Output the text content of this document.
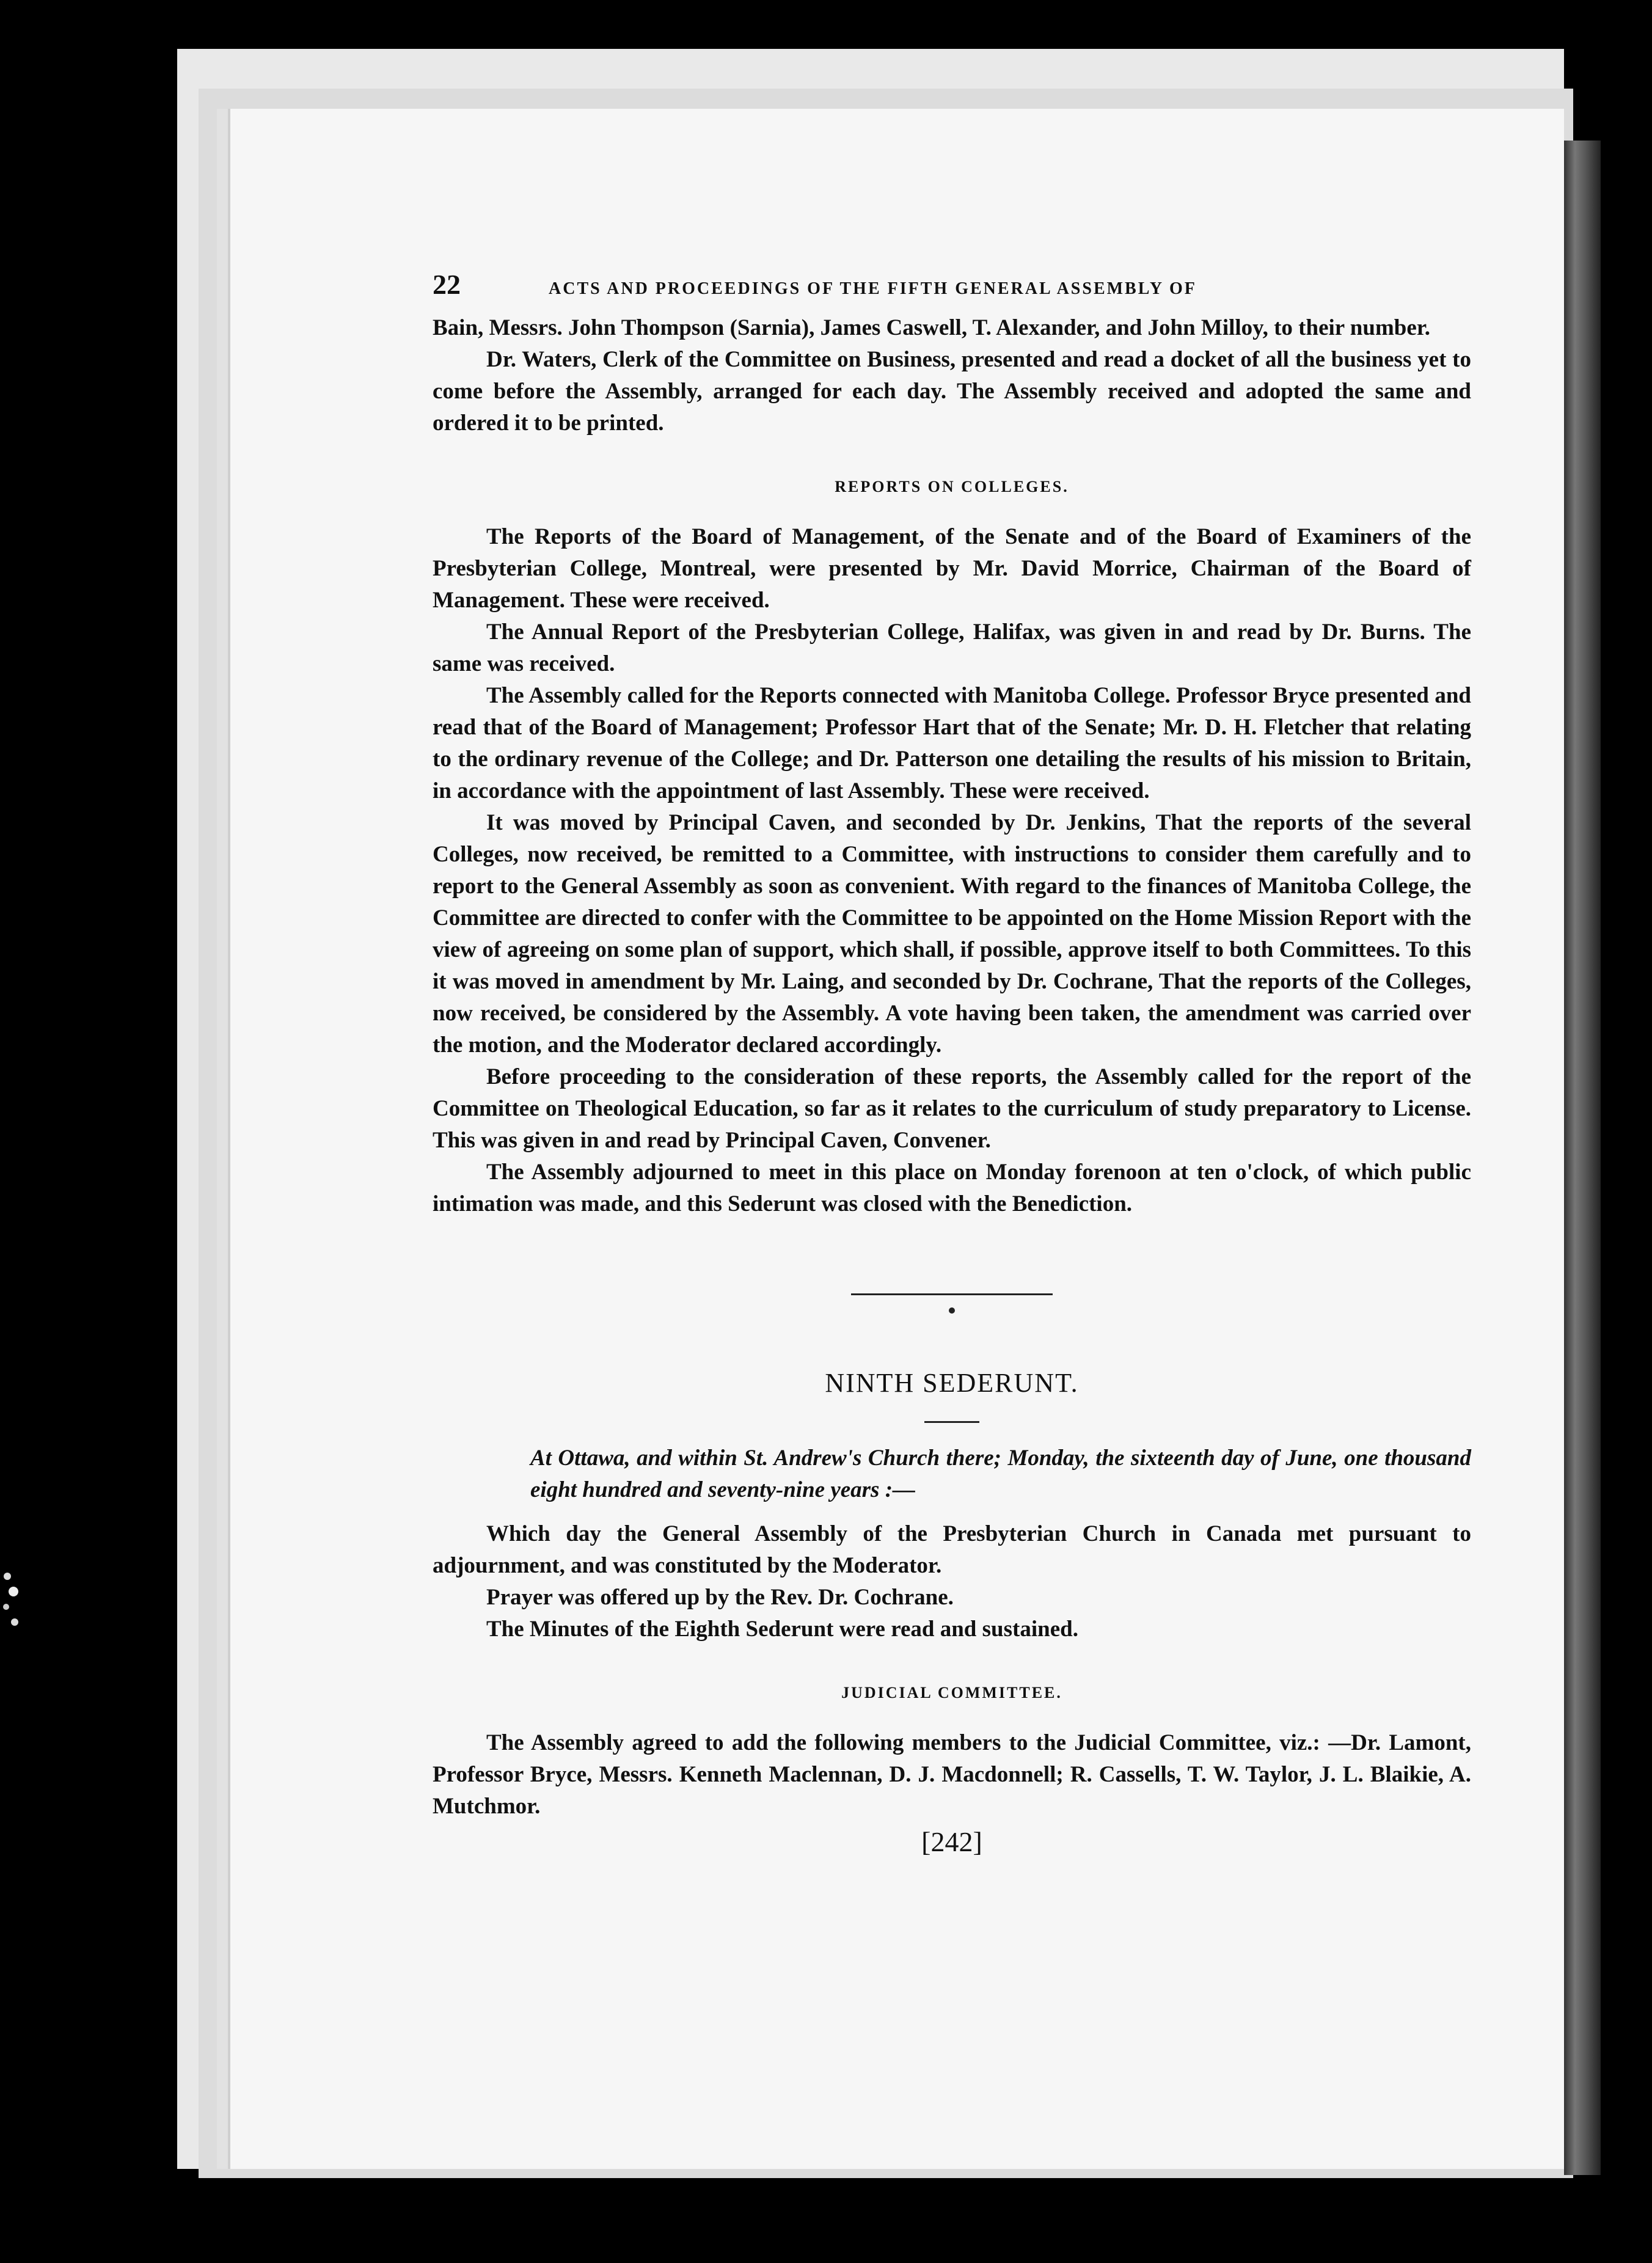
22	ACTS AND PROCEEDINGS OF THE FIFTH GENERAL ASSEMBLY OF

Bain, Messrs. John Thompson (Sarnia), James Caswell, T. Alexander, and John Milloy, to their number.

Dr. Waters, Clerk of the Committee on Business, presented and read a docket of all the business yet to come before the Assembly, arranged for each day. The Assembly received and adopted the same and ordered it to be printed.

REPORTS ON COLLEGES.

The Reports of the Board of Management, of the Senate and of the Board of Examiners of the Presbyterian College, Montreal, were presented by Mr. David Morrice, Chairman of the Board of Management. These were received.

The Annual Report of the Presbyterian College, Halifax, was given in and read by Dr. Burns. The same was received.

The Assembly called for the Reports connected with Manitoba College. Professor Bryce presented and read that of the Board of Management; Professor Hart that of the Senate; Mr. D. H. Fletcher that relating to the ordinary revenue of the College; and Dr. Patterson one detailing the results of his mission to Britain, in accordance with the appointment of last Assembly. These were received.

It was moved by Principal Caven, and seconded by Dr. Jenkins, That the reports of the several Colleges, now received, be remitted to a Committee, with instructions to consider them carefully and to report to the General Assembly as soon as convenient. With regard to the finances of Manitoba College, the Committee are directed to confer with the Committee to be appointed on the Home Mission Report with the view of agreeing on some plan of support, which shall, if possible, approve itself to both Committees. To this it was moved in amendment by Mr. Laing, and seconded by Dr. Cochrane, That the reports of the Colleges, now received, be considered by the Assembly. A vote having been taken, the amendment was carried over the motion, and the Moderator declared accordingly.

Before proceeding to the consideration of these reports, the Assembly called for the report of the Committee on Theological Education, so far as it relates to the curriculum of study preparatory to License. This was given in and read by Principal Caven, Convener.

The Assembly adjourned to meet in this place on Monday forenoon at ten o'clock, of which public intimation was made, and this Sederunt was closed with the Benediction.

NINTH SEDERUNT.

At Ottawa, and within St. Andrew's Church there; Monday, the sixteenth day of June, one thousand eight hundred and seventy-nine years :—

Which day the General Assembly of the Presbyterian Church in Canada met pursuant to adjournment, and was constituted by the Moderator.

Prayer was offered up by the Rev. Dr. Cochrane.

The Minutes of the Eighth Sederunt were read and sustained.

JUDICIAL COMMITTEE.

The Assembly agreed to add the following members to the Judicial Committee, viz.: —Dr. Lamont, Professor Bryce, Messrs. Kenneth Maclennan, D. J. Macdonnell; R. Cassells, T. W. Taylor, J. L. Blaikie, A. Mutchmor.

[242]
